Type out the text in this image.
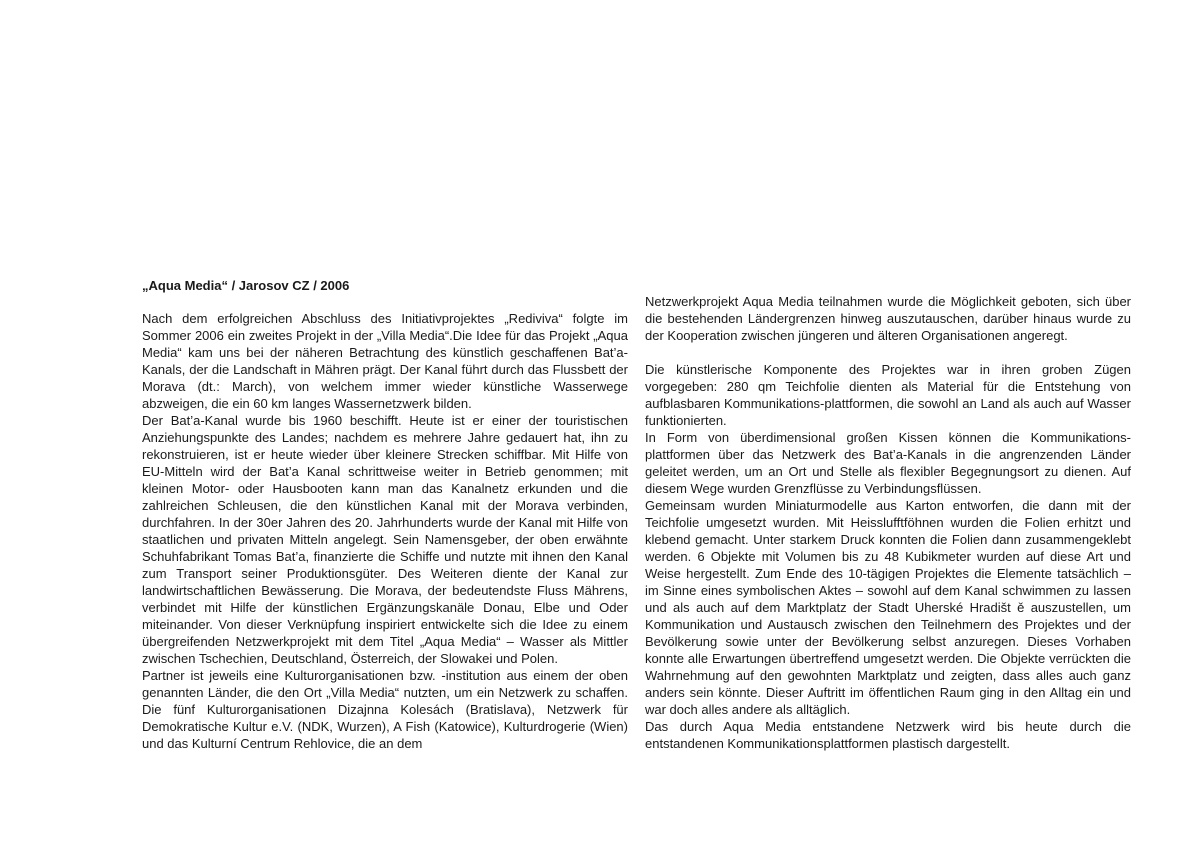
„Aqua Media“ / Jarosov CZ / 2006

Nach dem erfolgreichen Abschluss des Initiativprojektes „Rediviva“ folgte im Sommer 2006 ein zweites Projekt in der „Villa Media“.Die Idee für das Projekt „Aqua Media“ kam uns bei der näheren Betrachtung des künstlich geschaffenen Bat’a-Kanals, der die Landschaft in Mähren prägt. Der Kanal führt durch das Flussbett der Morava (dt.: March), von welchem immer wieder künstliche Wasserwege abzweigen, die ein 60 km langes Wassernetzwerk bilden.

Der Bat’a-Kanal wurde bis 1960 beschifft. Heute ist er einer der touristischen Anziehungspunkte des Landes; nachdem es mehrere Jahre gedauert hat, ihn zu rekonstruieren, ist er heute wieder über kleinere Strecken schiffbar. Mit Hilfe von EU-Mitteln wird der Bat’a Kanal schrittweise weiter in Betrieb genommen; mit kleinen Motor- oder Hausbooten kann man das Kanalnetz erkunden und die zahlreichen Schleusen, die den künstlichen Kanal mit der Morava verbinden, durchfahren. In der 30er Jahren des 20. Jahrhunderts wurde der Kanal mit Hilfe von staatlichen und privaten Mitteln angelegt. Sein Namensgeber, der oben erwähnte Schuhfabrikant Tomas Bat’a, finanzierte die Schiffe und nutzte mit ihnen den Kanal zum Transport seiner Produktionsgüter. Des Weiteren diente der Kanal zur landwirtschaftlichen Bewässerung. Die Morava, der bedeutendste Fluss Mährens, verbindet mit Hilfe der künstlichen Ergänzungskanäle Donau, Elbe und Oder miteinander. Von dieser Verknüpfung inspiriert entwickelte sich die Idee zu einem übergreifenden Netzwerkprojekt mit dem Titel „Aqua Media“ – Wasser als Mittler zwischen Tschechien, Deutschland, Österreich, der Slowakei und Polen.

Partner ist jeweils eine Kulturorganisationen bzw. -institution aus einem der oben genannten Länder, die den Ort „Villa Media“ nutzten, um ein Netzwerk zu schaffen. Die fünf Kulturorganisationen Dizajnna Kolesách (Bratislava), Netzwerk für Demokratische Kultur e.V. (NDK, Wurzen), A Fish (Katowice), Kulturdrogerie (Wien) und das Kulturní Centrum Rehlovice, die an dem

Netzwerkprojekt Aqua Media teilnahmen wurde die Möglichkeit geboten, sich über die bestehenden Ländergrenzen hinweg auszutauschen, darüber hinaus wurde zu der Kooperation zwischen jüngeren und älteren Organisationen angeregt.

Die künstlerische Komponente des Projektes war in ihren groben Zügen vorgegeben: 280 qm Teichfolie dienten als Material für die Entstehung von aufblasbaren Kommunikations-plattformen, die sowohl an Land als auch auf Wasser funktionierten.

In Form von überdimensional großen Kissen können die Kommunikations-plattformen über das Netzwerk des Bat’a-Kanals in die angrenzenden Länder geleitet werden, um an Ort und Stelle als flexibler Begegnungsort zu dienen. Auf diesem Wege wurden Grenzflüsse zu Verbindungsflüssen.

Gemeinsam wurden Miniaturmodelle aus Karton entworfen, die dann mit der Teichfolie umgesetzt wurden. Mit Heisslufftföhnen wurden die Folien erhitzt und klebend gemacht. Unter starkem Druck konnten die Folien dann zusammengeklebt werden. 6 Objekte mit Volumen bis zu 48 Kubikmeter wurden auf diese Art und Weise hergestellt. Zum Ende des 10-tägigen Projektes die Elemente tatsächlich – im Sinne eines symbolischen Aktes – sowohl auf dem Kanal schwimmen zu lassen und als auch auf dem Marktplatz der Stadt Uherské Hradišt ě auszustellen, um Kommunikation und Austausch zwischen den Teilnehmern des Projektes und der Bevölkerung sowie unter der Bevölkerung selbst anzuregen. Dieses Vorhaben konnte alle Erwartungen übertreffend umgesetzt werden. Die Objekte verrückten die Wahrnehmung auf den gewohnten Marktplatz und zeigten, dass alles auch ganz anders sein könnte. Dieser Auftritt im öffentlichen Raum ging in den Alltag ein und war doch alles andere als alltäglich.

Das durch Aqua Media entstandene Netzwerk wird bis heute durch die entstandenen Kommunikationsplattformen plastisch dargestellt.
